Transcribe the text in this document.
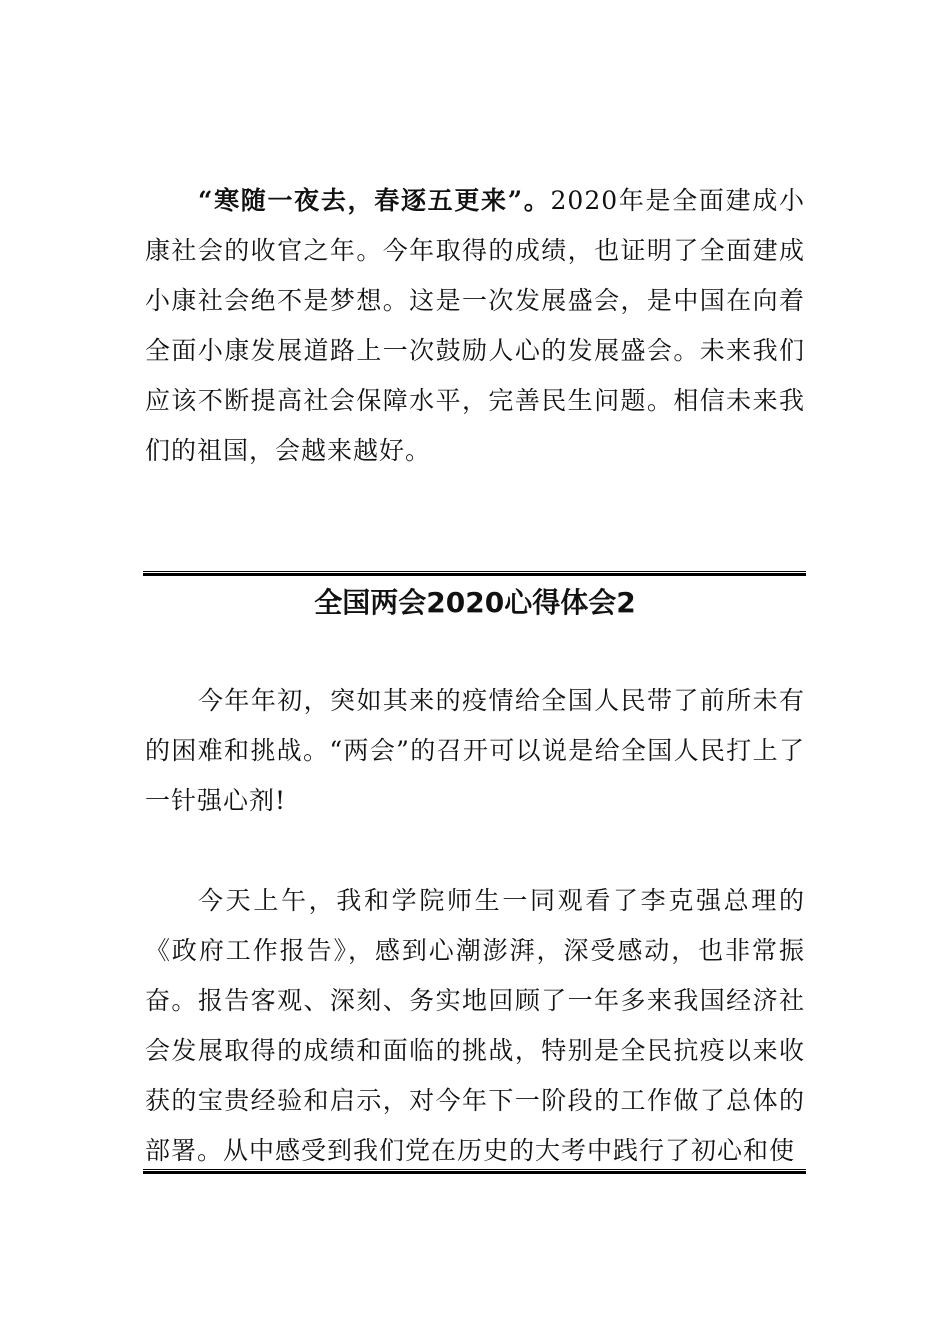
“寒随一夜去，春逐五更来”。2020年是全面建成小康社会的收官之年。今年取得的成绩，也证明了全面建成小康社会绝不是梦想。这是一次发展盛会，是中国在向着全面小康发展道路上一次鼓励人心的发展盛会。未来我们应该不断提高社会保障水平，完善民生问题。相信未来我们的祖国，会越来越好。

全国两会2020心得体会2

今年年初，突如其来的疫情给全国人民带了前所未有的困难和挑战。“两会”的召开可以说是给全国人民打上了一针强心剂!

今天上午，我和学院师生一同观看了李克强总理的《政府工作报告》，感到心潮澎湃，深受感动，也非常振奋。报告客观、深刻、务实地回顾了一年多来我国经济社会发展取得的成绩和面临的挑战，特别是全民抗疫以来收获的宝贵经验和启示，对今年下一阶段的工作做了总体的部署。从中感受到我们党在历史的大考中践行了初心和使
